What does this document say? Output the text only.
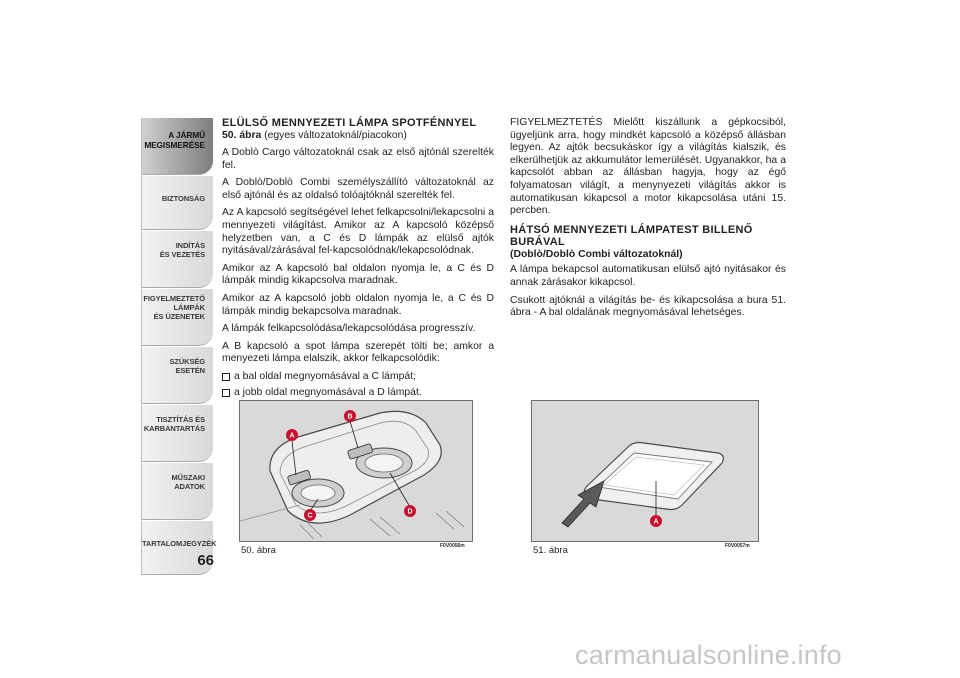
A JÁRMŰ
MEGISMERÉSE
BIZTONSÁG
INDÍTÁS
ÉS VEZETÉS
FIGYELMEZTETŐ
LÁMPÁK
ÉS ÜZENETEK
SZÜKSÉG
ESETÉN
TISZTÍTÁS ÉS
KARBANTARTÁS
MŰSZAKI
ADATOK
TARTALOMJEGYZÉK
66
ELÜLSŐ MENNYEZETI LÁMPA SPOTFÉNNYEL

50. ábra (egyes változatoknál/piacokon)

A Doblò Cargo változatoknál csak az első ajtónál szerelték fel.

A Doblò/Doblò Combi személyszállító változatoknál az első ajtónál és az oldalsó tolóajtóknál szerelték fel.

Az A kapcsoló segítségével lehet felkapcsolni/lekapcsolni a mennyezeti világítást. Amikor az A kapcsoló középső helyzetben van, a C és D lámpák az elülső ajtók nyitásával/zárásával fel-kapcsolódnak/lekapcsolódnak.

Amikor az A kapcsoló bal oldalon nyomja le, a C és D lámpák mindig kikapcsolva maradnak.

Amikor az A kapcsoló jobb oldalon nyomja le, a C és D lámpák mindig bekapcsolva maradnak.

A lámpák felkapcsolódása/lekapcsolódása progresszív.

A B kapcsoló a spot lámpa szerepét tölti be; amkor a menyezeti lámpa elalszik, akkor felkapcsolódik:

a bal oldal megnyomásával a C lámpát;
a jobb oldal megnyomásával a D lámpát.

FIGYELMEZTETÉS Mielőtt kiszállunk a gépkocsiból, ügyeljünk arra, hogy mindkét kapcsoló a középső állásban legyen. Az ajtók becsukáskor így a világítás kialszik, és elkerülhetjük az akkumulátor lemerülését. Ugyanakkor, ha a kapcsolót abban az állásban hagyja, hogy az égő folyamatosan világít, a menynyezeti világítás akkor is automatikusan kikapcsol a motor kikapcsolása utáni 15. percben.

HÁTSÓ MENNYEZETI LÁMPATEST BILLENŐ BURÁVAL
(Doblò/Doblò Combi változatoknál)

A lámpa bekapcsol automatikusan elülső ajtó nyitásakor és annak zárásakor kikapcsol.

Csukott ajtóknál a világítás be- és kikapcsolása a bura 51. ábra - A bal oldalának megnyomásával lehetséges.

A
B
C
D
50. ábra	F0V0056m
A
51. ábra	F0V0057m
carmanualsonline.info
